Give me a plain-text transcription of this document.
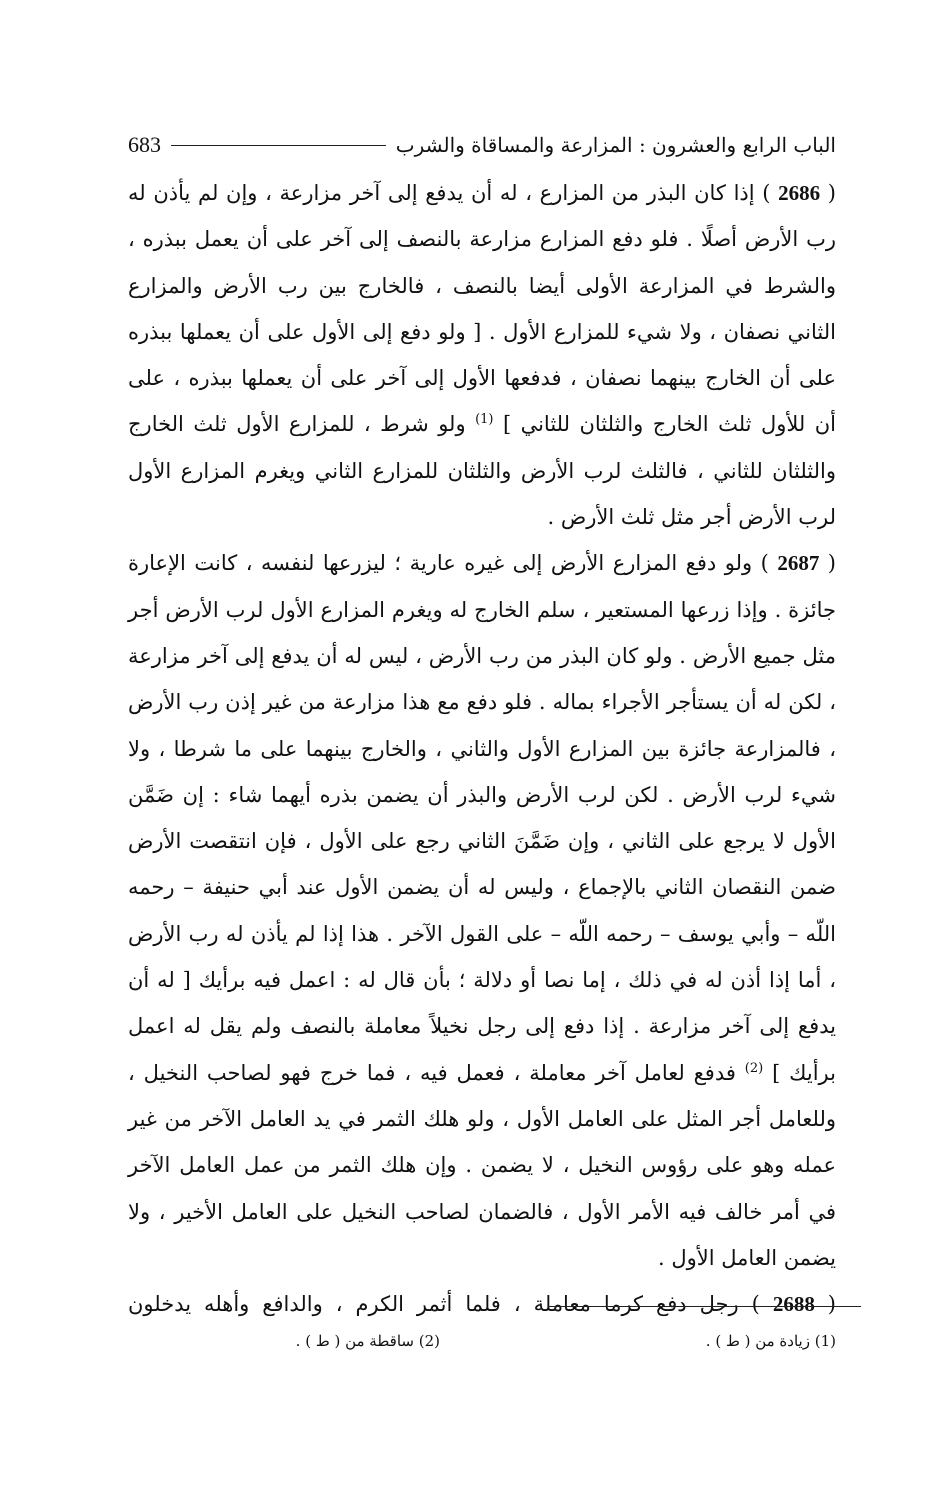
الباب الرابع والعشرون : المزارعة والمساقاة والشرب
683

( 2686 ) إذا كان البذر من المزارع ، له أن يدفع إلى آخر مزارعة ، وإن لم يأذن له رب الأرض أصلًا . فلو دفع المزارع مزارعة بالنصف إلى آخر على أن يعمل ببذره ، والشرط في المزارعة الأولى أيضا بالنصف ، فالخارج بين رب الأرض والمزارع الثاني نصفان ، ولا شيء للمزارع الأول . [ ولو دفع إلى الأول على أن يعملها ببذره على أن الخارج بينهما نصفان ، فدفعها الأول إلى آخر على أن يعملها ببذره ، على أن للأول ثلث الخارج والثلثان للثاني ] $^{(1)}$ ولو شرط ، للمزارع الأول ثلث الخارج والثلثان للثاني ، فالثلث لرب الأرض والثلثان للمزارع الثاني ويغرم المزارع الأول لرب الأرض أجر مثل ثلث الأرض .

( 2687 ) ولو دفع المزارع الأرض إلى غيره عارية ؛ ليزرعها لنفسه ، كانت الإعارة جائزة . وإذا زرعها المستعير ، سلم الخارج له ويغرم المزارع الأول لرب الأرض أجر مثل جميع الأرض . ولو كان البذر من رب الأرض ، ليس له أن يدفع إلى آخر مزارعة ، لكن له أن يستأجر الأجراء بماله . فلو دفع مع هذا مزارعة من غير إذن رب الأرض ، فالمزارعة جائزة بين المزارع الأول والثاني ، والخارج بينهما على ما شرطا ، ولا شيء لرب الأرض . لكن لرب الأرض والبذر أن يضمن بذره أيهما شاء : إن ضَمَّن الأول لا يرجع على الثاني ، وإن ضَمَّنَ الثاني رجع على الأول ، فإن انتقصت الأرض ضمن النقصان الثاني بالإجماع ، وليس له أن يضمن الأول عند أبي حنيفة – رحمه اللّه – وأبي يوسف – رحمه اللّه – على القول الآخر . هذا إذا لم يأذن له رب الأرض ، أما إذا أذن له في ذلك ، إما نصا أو دلالة ؛ بأن قال له : اعمل فيه برأيك [ له أن يدفع إلى آخر مزارعة . إذا دفع إلى رجل نخيلاً معاملة بالنصف ولم يقل له اعمل برأيك ] $^{(2)}$ فدفع لعامل آخر معاملة ، فعمل فيه ، فما خرج فهو لصاحب النخيل ، وللعامل أجر المثل على العامل الأول ، ولو هلك الثمر في يد العامل الآخر من غير عمله وهو على رؤوس النخيل ، لا يضمن . وإن هلك الثمر من عمل العامل الآخر في أمر خالف فيه الأمر الأول ، فالضمان لصاحب النخيل على العامل الأخير ، ولا يضمن العامل الأول .

( 2688 ) رجل دفع كرما معاملة ، فلما أثمر الكرم ، والدافع وأهله يدخلون

(1) زيادة من ( ط ) .
(2) ساقطة من ( ط ) .
